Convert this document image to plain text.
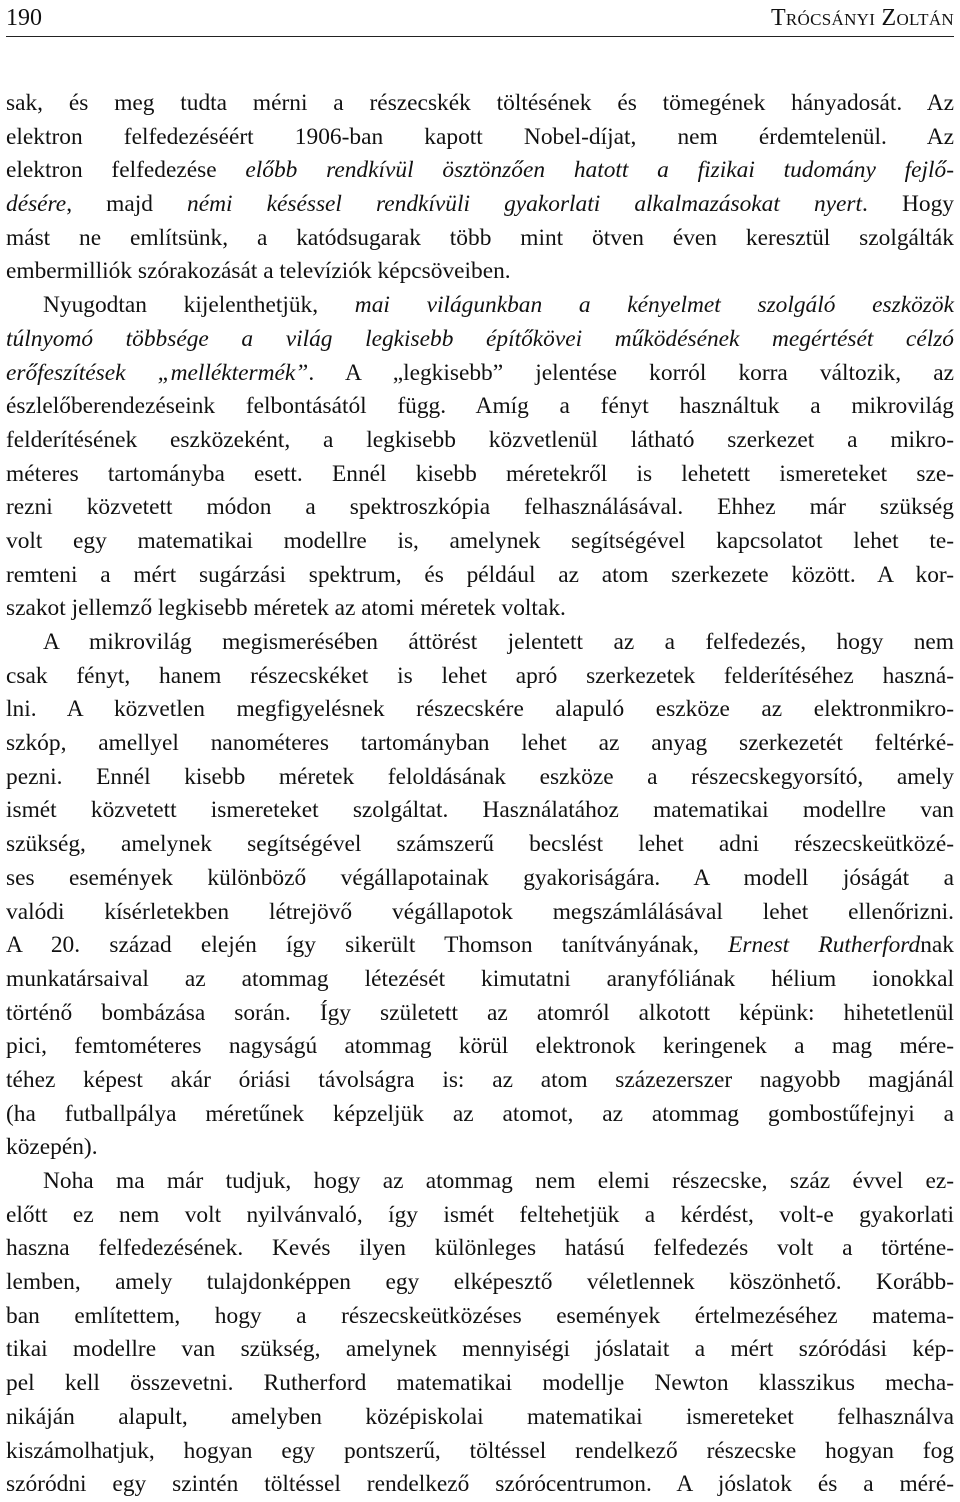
190	Trócsányi Zoltán
sak, és meg tudta mérni a részecskék töltésének és tömegének hányadosát. Az
elektron felfedezéséért 1906-ban kapott Nobel-díjat, nem érdemtelenül. Az
elektron felfedezése előbb rendkívül ösztönzően hatott a fizikai tudomány fejlő-
désére, majd némi késéssel rendkívüli gyakorlati alkalmazásokat nyert. Hogy
mást ne említsünk, a katódsugarak több mint ötven éven keresztül szolgálták
embermilliók szórakozását a televíziók képcsöveiben.
Nyugodtan kijelenthetjük, mai világunkban a kényelmet szolgáló eszközök
túlnyomó többsége a világ legkisebb építőkövei működésének megértését célzó
erőfeszítések „melléktermék”. A „legkisebb” jelentése korról korra változik, az
észlelőberendezéseink felbontásától függ. Amíg a fényt használtuk a mikrovilág
felderítésének eszközeként, a legkisebb közvetlenül látható szerkezet a mikro-
méteres tartományba esett. Ennél kisebb méretekről is lehetett ismereteket sze-
rezni közvetett módon a spektroszkópia felhasználásával. Ehhez már szükség
volt egy matematikai modellre is, amelynek segítségével kapcsolatot lehet te-
remteni a mért sugárzási spektrum, és például az atom szerkezete között. A kor-
szakot jellemző legkisebb méretek az atomi méretek voltak.
A mikrovilág megismerésében áttörést jelentett az a felfedezés, hogy nem
csak fényt, hanem részecskéket is lehet apró szerkezetek felderítéséhez haszná-
lni. A közvetlen megfigyelésnek részecskére alapuló eszköze az elektronmikro-
szkóp, amellyel nanométeres tartományban lehet az anyag szerkezetét feltérké-
pezni. Ennél kisebb méretek feloldásának eszköze a részecskegyorsító, amely
ismét közvetett ismereteket szolgáltat. Használatához matematikai modellre van
szükség, amelynek segítségével számszerű becslést lehet adni részecskeütközé-
ses események különböző végállapotainak gyakoriságára. A modell jóságát a
valódi kísérletekben létrejövő végállapotok megszámlálásával lehet ellenőrizni.
A 20. század elején így sikerült Thomson tanítványának, Ernest Rutherfordnak
munkatársaival az atommag létezését kimutatni aranyfóliának hélium ionokkal
történő bombázása során. Így született az atomról alkotott képünk: hihetetlenül
pici, femtométeres nagyságú atommag körül elektronok keringenek a mag mére-
téhez képest akár óriási távolságra is: az atom százezerszer nagyobb magjánál
(ha futballpálya méretűnek képzeljük az atomot, az atommag gombostűfejnyi a
közepén).
Noha ma már tudjuk, hogy az atommag nem elemi részecske, száz évvel ez-
előtt ez nem volt nyilvánvaló, így ismét feltehetjük a kérdést, volt-e gyakorlati
haszna felfedezésének. Kevés ilyen különleges hatású felfedezés volt a történe-
lemben, amely tulajdonképpen egy elképesztő véletlennek köszönhető. Korább-
ban említettem, hogy a részecskeütközéses események értelmezéséhez matema-
tikai modellre van szükség, amelynek mennyiségi jóslatait a mért szóródási kép-
pel kell összevetni. Rutherford matematikai modellje Newton klasszikus mecha-
nikáján alapult, amelyben középiskolai matematikai ismereteket felhasználva
kiszámolhatjuk, hogyan egy pontszerű, töltéssel rendelkező részecske hogyan fog
szóródni egy szintén töltéssel rendelkező szórócentrumon. A jóslatok és a méré-
